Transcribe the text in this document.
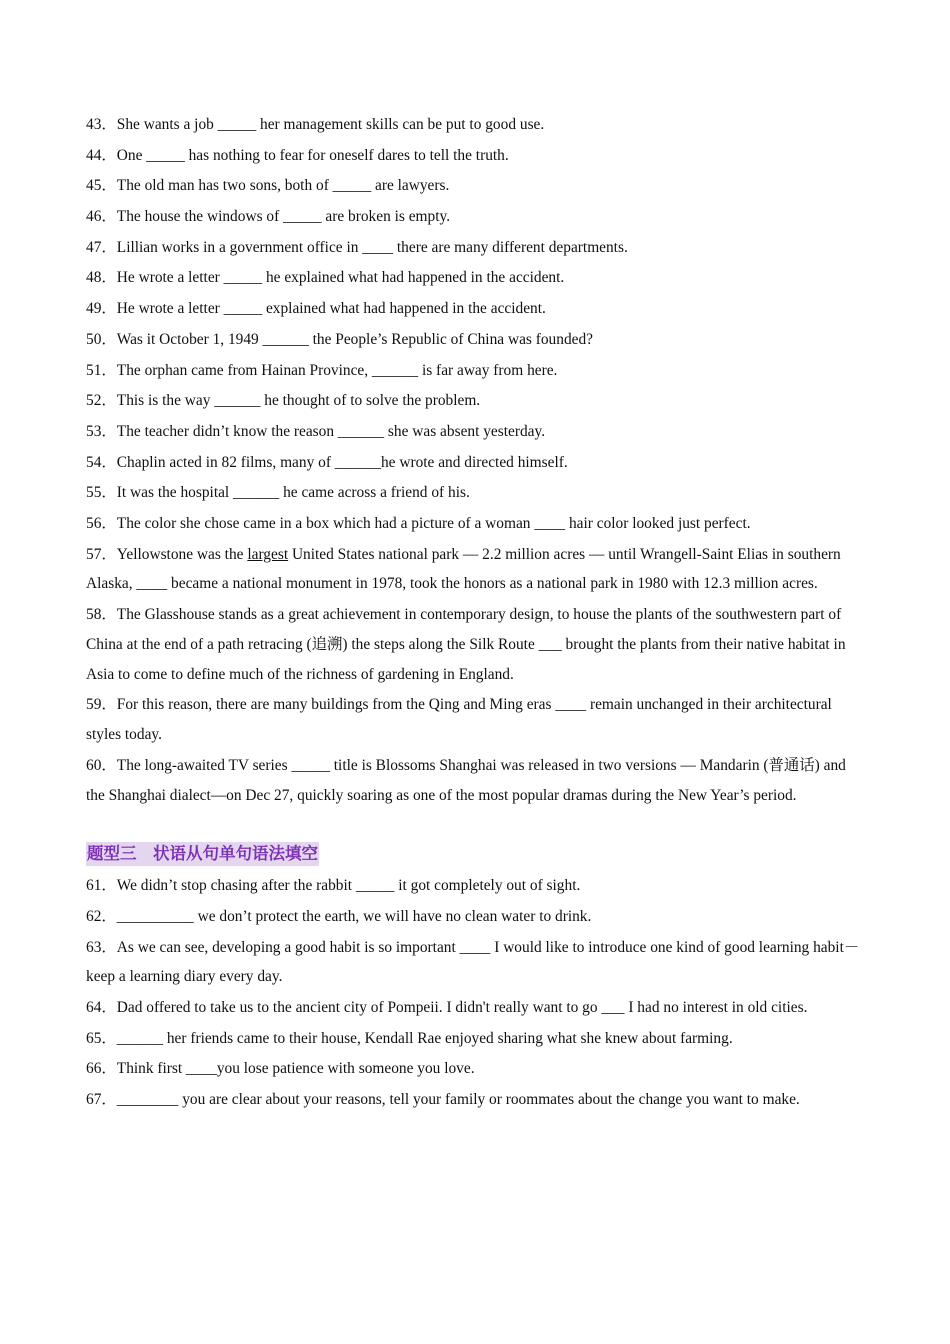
43．She wants a job _____ her management skills can be put to good use.
44．One _____ has nothing to fear for oneself dares to tell the truth.
45．The old man has two sons, both of _____ are lawyers.
46．The house the windows of _____ are broken is empty.
47．Lillian works in a government office in ____ there are many different departments.
48．He wrote a letter _____ he explained what had happened in the accident.
49．He wrote a letter _____ explained what had happened in the accident.
50．Was it October 1, 1949 ______ the People’s Republic of China was founded?
51．The orphan came from Hainan Province, ______ is far away from here.
52．This is the way ______ he thought of to solve the problem.
53．The teacher didn’t know the reason ______ she was absent yesterday.
54．Chaplin acted in 82 films, many of ______he wrote and directed himself.
55．It was the hospital ______ he came across a friend of his.
56．The color she chose came in a box which had a picture of a woman ____ hair color looked just perfect.
57．Yellowstone was the largest United States national park — 2.2 million acres — until Wrangell-Saint Elias in southern Alaska, ____ became a national monument in 1978, took the honors as a national park in 1980 with 12.3 million acres.
58．The Glasshouse stands as a great achievement in contemporary design, to house the plants of the southwestern part of China at the end of a path retracing (追溯) the steps along the Silk Route ___ brought the plants from their native habitat in Asia to come to define much of the richness of gardening in England.
59．For this reason, there are many buildings from the Qing and Ming eras ____ remain unchanged in their architectural styles today.
60．The long-awaited TV series _____ title is Blossoms Shanghai was released in two versions — Mandarin (普通话) and the Shanghai dialect—on Dec 27, quickly soaring as one of the most popular dramas during the New Year’s period.
题型三　状语从句单句语法填空
61．We didn’t stop chasing after the rabbit _____ it got completely out of sight.
62．__________ we don’t protect the earth, we will have no clean water to drink.
63．As we can see, developing a good habit is so important ____ I would like to introduce one kind of good learning habit－keep a learning diary every day.
64．Dad offered to take us to the ancient city of Pompeii. I didn't really want to go ___ I had no interest in old cities.
65．______ her friends came to their house, Kendall Rae enjoyed sharing what she knew about farming.
66．Think first ____you lose patience with someone you love.
67．________ you are clear about your reasons, tell your family or roommates about the change you want to make.
